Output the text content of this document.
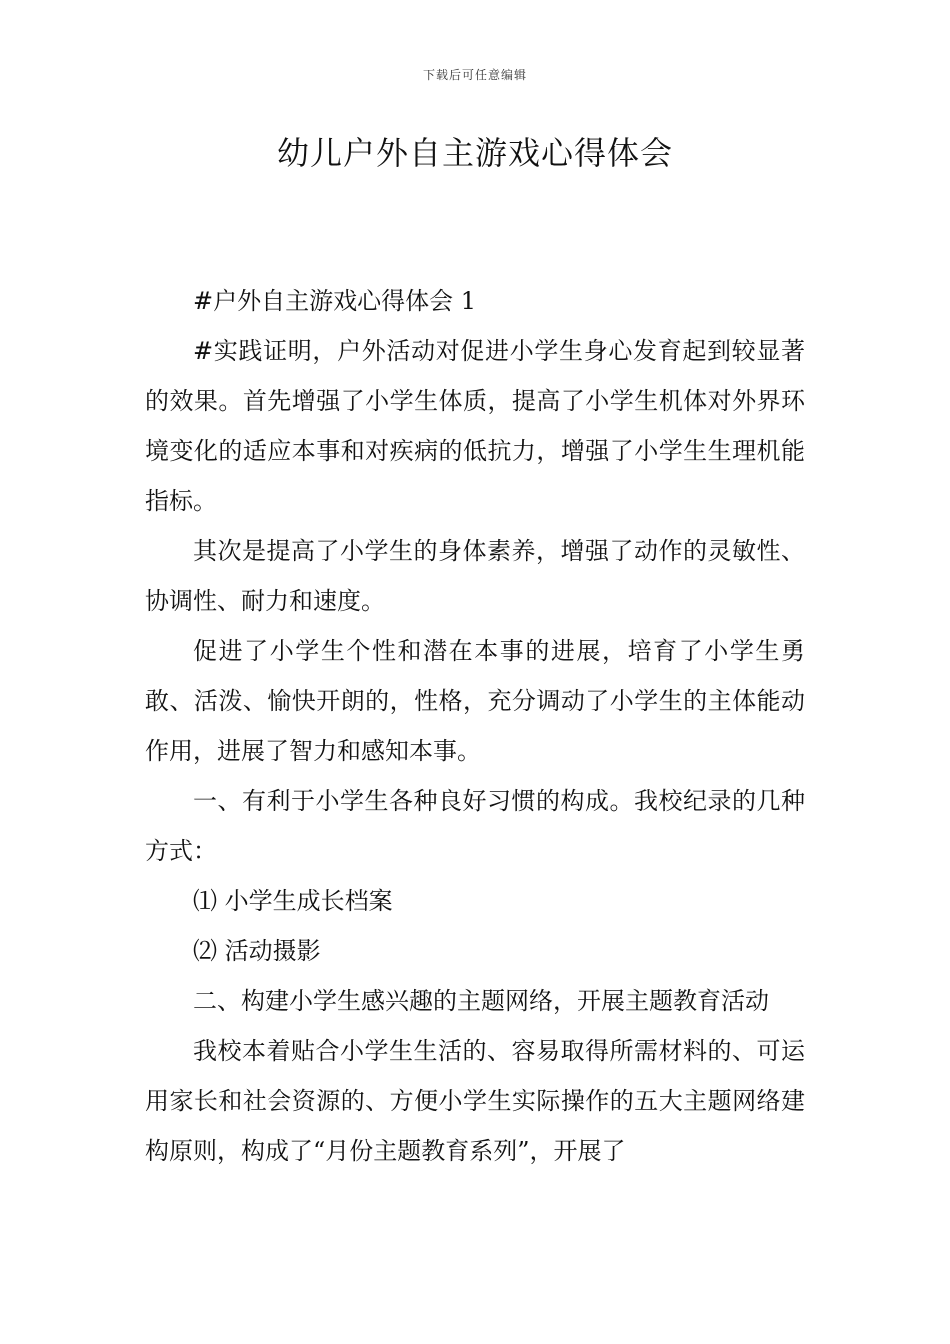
下载后可任意编辑
幼儿户外自主游戏心得体会

#户外自主游戏心得体会 1

#实践证明，户外活动对促进小学生身心发育起到较显著的效果。首先增强了小学生体质，提高了小学生机体对外界环境变化的适应本事和对疾病的低抗力，增强了小学生生理机能指标。

其次是提高了小学生的身体素养，增强了动作的灵敏性、协调性、耐力和速度。

促进了小学生个性和潜在本事的进展，培育了小学生勇敢、活泼、愉快开朗的，性格，充分调动了小学生的主体能动作用，进展了智力和感知本事。

一、有利于小学生各种良好习惯的构成。我校纪录的几种方式：

⑴ 小学生成长档案

⑵ 活动摄影

二、构建小学生感兴趣的主题网络，开展主题教育活动

我校本着贴合小学生生活的、容易取得所需材料的、可运用家长和社会资源的、方便小学生实际操作的五大主题网络建构原则，构成了“月份主题教育系列”，开展了
